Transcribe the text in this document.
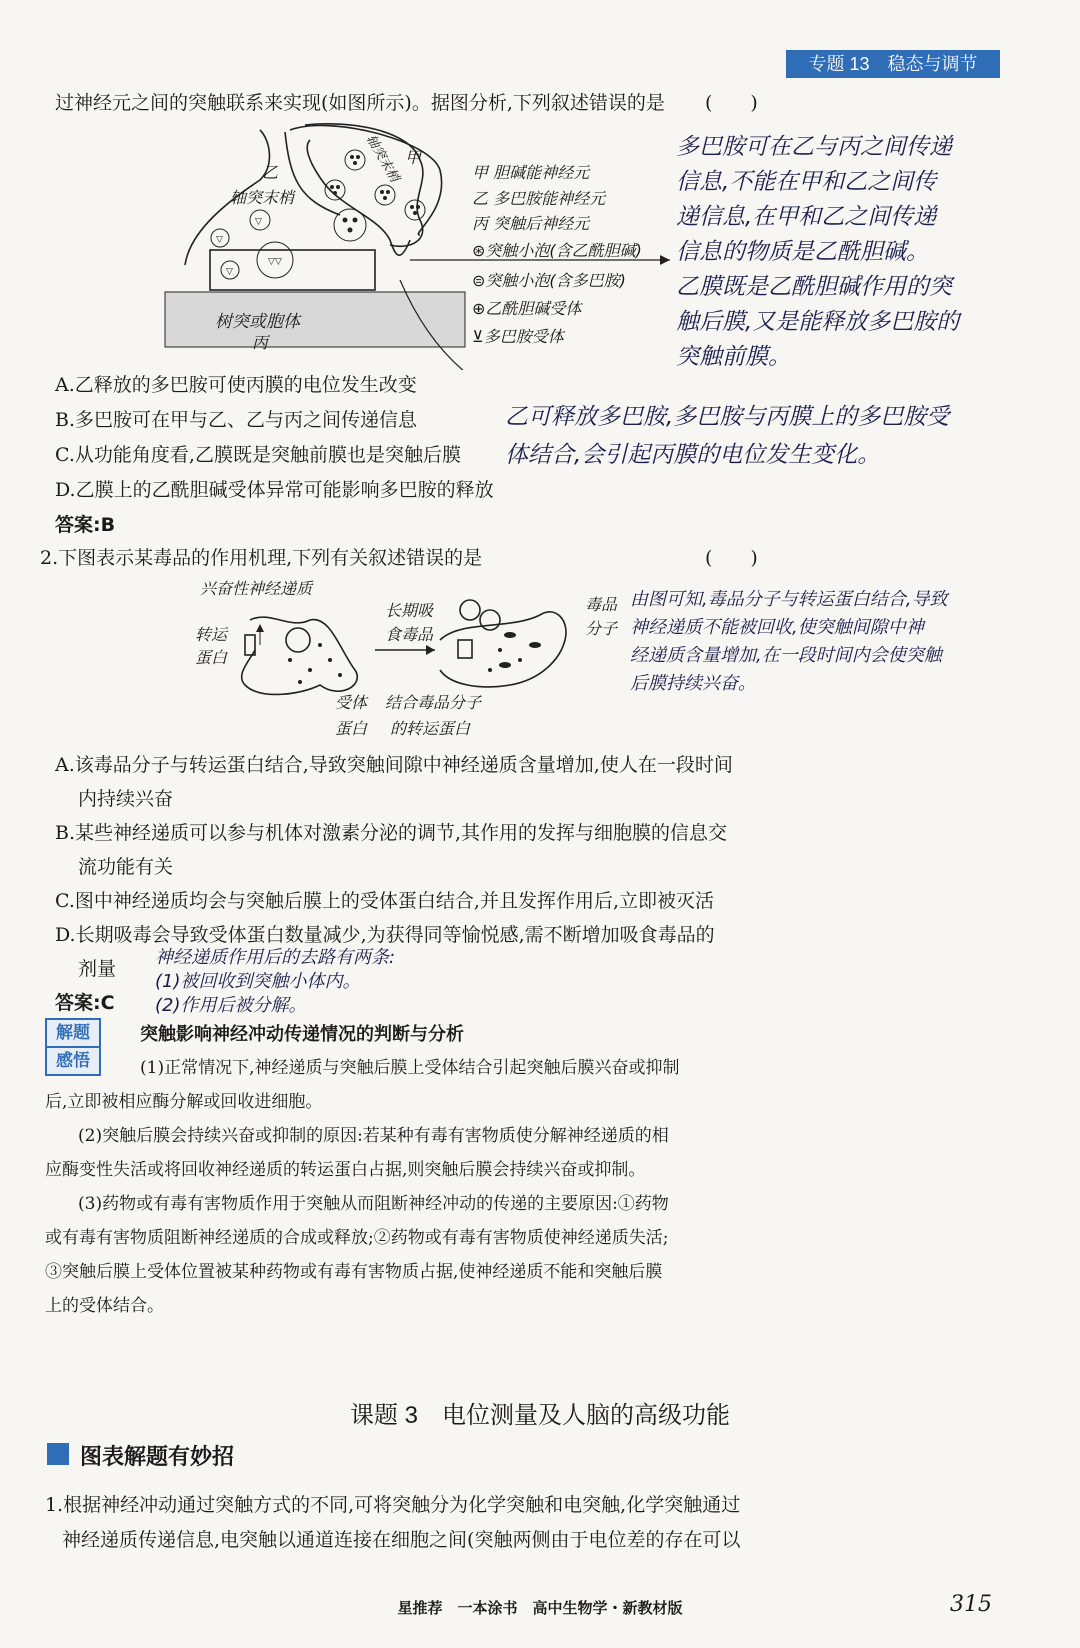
专题 13　稳态与调节
过神经元之间的突触联系来实现(如图所示)。据图分析,下列叙述错误的是 (　　)
▽
▽
▽▽
▽
乙
轴突末梢
甲
轴突末梢
树突或胞体
丙
甲 胆碱能神经元
乙 多巴胺能神经元
丙 突触后神经元
⊛突触小泡(含乙酰胆碱)
⊜突触小泡(含多巴胺)
⊕乙酰胆碱受体
⊻多巴胺受体
多巴胺可在乙与丙之间传递
信息,不能在甲和乙之间传
递信息,在甲和乙之间传递
信息的物质是乙酰胆碱。
乙膜既是乙酰胆碱作用的突
触后膜,又是能释放多巴胺的
突触前膜。
A.乙释放的多巴胺可使丙膜的电位发生改变
B.多巴胺可在甲与乙、乙与丙之间传递信息
C.从功能角度看,乙膜既是突触前膜也是突触后膜
D.乙膜上的乙酰胆碱受体异常可能影响多巴胺的释放
答案:B
乙可释放多巴胺,多巴胺与丙膜上的多巴胺受
体结合,会引起丙膜的电位发生变化。
2.下图表示某毒品的作用机理,下列有关叙述错误的是	(　　)
兴奋性神经递质
转运
蛋白
长期吸
食毒品
受体
蛋白
结合毒品分子
的转运蛋白
毒品
分子
由图可知,毒品分子与转运蛋白结合,导致
神经递质不能被回收,使突触间隙中神
经递质含量增加,在一段时间内会使突触
后膜持续兴奋。
A.该毒品分子与转运蛋白结合,导致突触间隙中神经递质含量增加,使人在一段时间
内持续兴奋
B.某些神经递质可以参与机体对激素分泌的调节,其作用的发挥与细胞膜的信息交
流功能有关
C.图中神经递质均会与突触后膜上的受体蛋白结合,并且发挥作用后,立即被灭活
D.长期吸毒会导致受体蛋白数量减少,为获得同等愉悦感,需不断增加吸食毒品的
剂量
答案:C
神经递质作用后的去路有两条:
(1)被回收到突触小体内。
(2)作用后被分解。
解题
感悟
突触影响神经冲动传递情况的判断与分析
(1)正常情况下,神经递质与突触后膜上受体结合引起突触后膜兴奋或抑制
后,立即被相应酶分解或回收进细胞。
(2)突触后膜会持续兴奋或抑制的原因:若某种有毒有害物质使分解神经递质的相
应酶变性失活或将回收神经递质的转运蛋白占据,则突触后膜会持续兴奋或抑制。
(3)药物或有毒有害物质作用于突触从而阻断神经冲动的传递的主要原因:①药物
或有毒有害物质阻断神经递质的合成或释放;②药物或有毒有害物质使神经递质失活;
③突触后膜上受体位置被某种药物或有毒有害物质占据,使神经递质不能和突触后膜
上的受体结合。
课题 3　电位测量及人脑的高级功能
图表解题有妙招
1.根据神经冲动通过突触方式的不同,可将突触分为化学突触和电突触,化学突触通过
神经递质传递信息,电突触以通道连接在细胞之间(突触两侧由于电位差的存在可以
星推荐　一本涂书　高中生物学・新教材版	315
